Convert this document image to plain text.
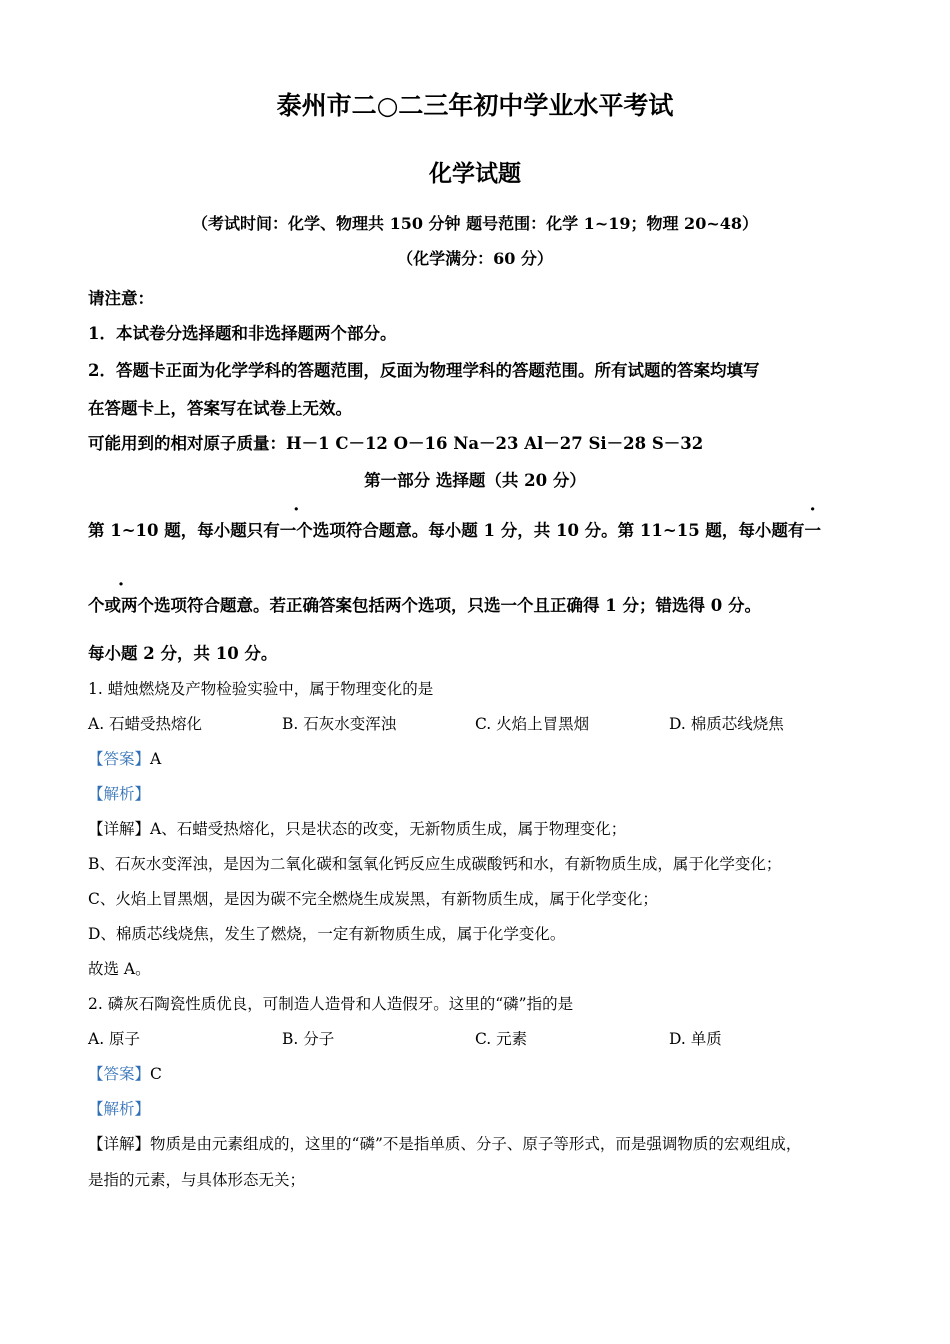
泰州市二○二三年初中学业水平考试
化学试题
（考试时间：化学、物理共 150 分钟 题号范围：化学 1~19；物理 20~48）
（化学满分：60 分）
请注意：
1．本试卷分选择题和非选择题两个部分。
2．答题卡正面为化学学科的答题范围，反面为物理学科的答题范围。所有试题的答案均填写
在答题卡上，答案写在试卷上无效。
可能用到的相对原子质量：H－1 C－12 O－16 Na－23 Al－27 Si－28 S－32
第一部分 选择题（共 20 分）
第 1~10 题，每小题只有一个选项符合题意。每小题 1 分，共 10 分。第 11~15 题，每小题有一
个或两个选项符合题意。若正确答案包括两个选项，只选一个且正确得 1 分；错选得 0 分。
每小题 2 分，共 10 分。
1. 蜡烛燃烧及产物检验实验中，属于物理变化的是
A. 石蜡受热熔化	B. 石灰水变浑浊	C. 火焰上冒黑烟	D. 棉质芯线烧焦
【答案】A
【解析】
【详解】A、石蜡受热熔化，只是状态的改变，无新物质生成，属于物理变化；
B、石灰水变浑浊，是因为二氧化碳和氢氧化钙反应生成碳酸钙和水，有新物质生成，属于化学变化；
C、火焰上冒黑烟，是因为碳不完全燃烧生成炭黑，有新物质生成，属于化学变化；
D、棉质芯线烧焦，发生了燃烧，一定有新物质生成，属于化学变化。
故选 A。
2. 磷灰石陶瓷性质优良，可制造人造骨和人造假牙。这里的“磷”指的是
A. 原子	B. 分子	C. 元素	D. 单质
【答案】C
【解析】
【详解】物质是由元素组成的，这里的“磷”不是指单质、分子、原子等形式，而是强调物质的宏观组成，
是指的元素，与具体形态无关；
